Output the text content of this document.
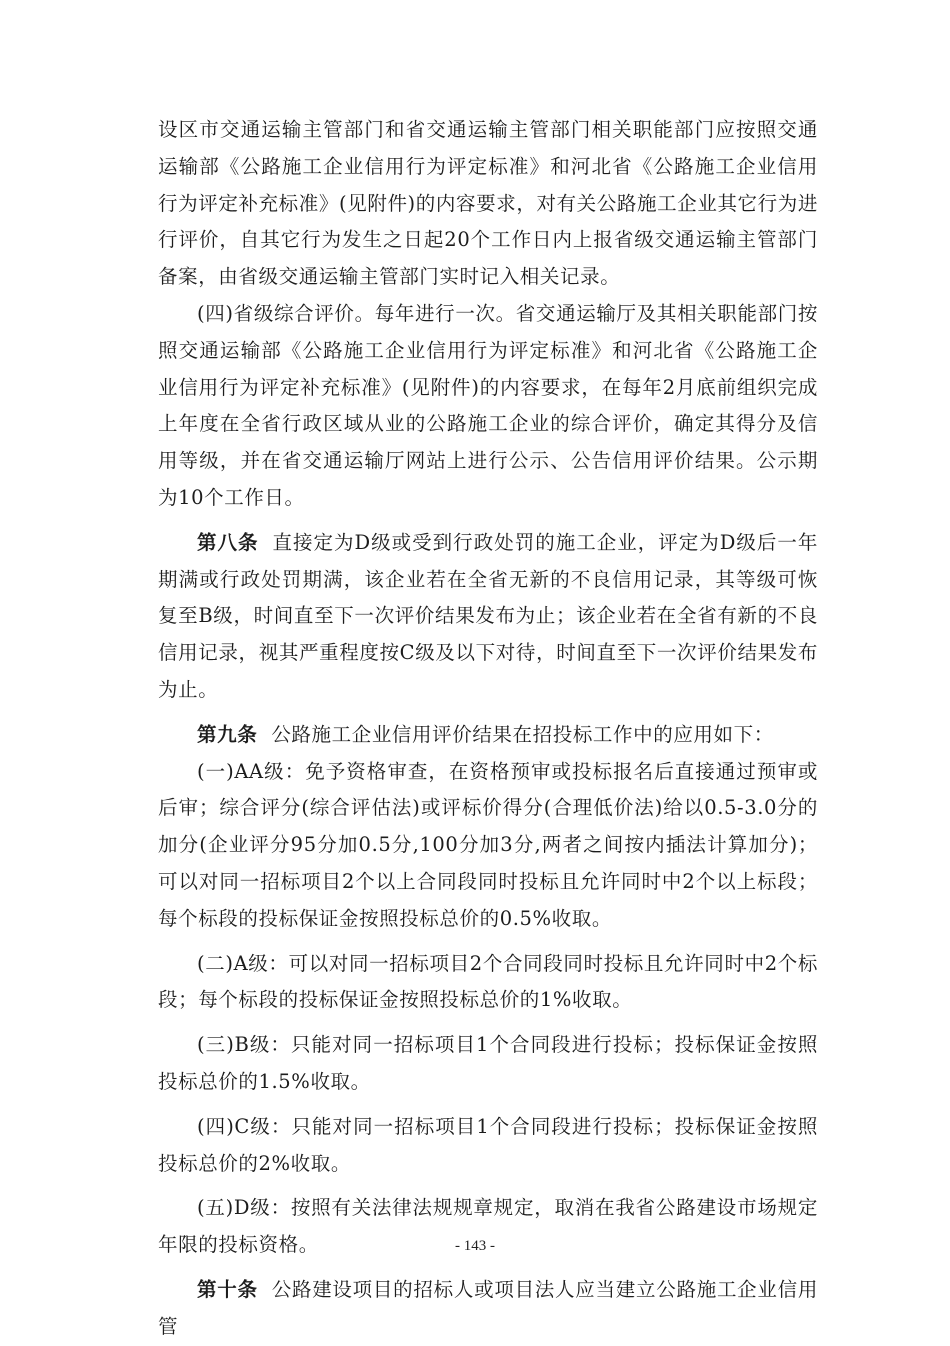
设区市交通运输主管部门和省交通运输主管部门相关职能部门应按照交通运输部《公路施工企业信用行为评定标准》和河北省《公路施工企业信用行为评定补充标准》(见附件)的内容要求，对有关公路施工企业其它行为进行评价，自其它行为发生之日起20个工作日内上报省级交通运输主管部门备案，由省级交通运输主管部门实时记入相关记录。

(四)省级综合评价。每年进行一次。省交通运输厅及其相关职能部门按照交通运输部《公路施工企业信用行为评定标准》和河北省《公路施工企业信用行为评定补充标准》(见附件)的内容要求，在每年2月底前组织完成上年度在全省行政区域从业的公路施工企业的综合评价，确定其得分及信用等级，并在省交通运输厅网站上进行公示、公告信用评价结果。公示期为10个工作日。

第八条 直接定为D级或受到行政处罚的施工企业，评定为D级后一年期满或行政处罚期满，该企业若在全省无新的不良信用记录，其等级可恢复至B级，时间直至下一次评价结果发布为止；该企业若在全省有新的不良信用记录，视其严重程度按C级及以下对待，时间直至下一次评价结果发布为止。

第九条 公路施工企业信用评价结果在招投标工作中的应用如下：

(一)AA级：免予资格审查，在资格预审或投标报名后直接通过预审或后审；综合评分(综合评估法)或评标价得分(合理低价法)给以0.5-3.0分的加分(企业评分95分加0.5分,100分加3分,两者之间按内插法计算加分)；可以对同一招标项目2个以上合同段同时投标且允许同时中2个以上标段；每个标段的投标保证金按照投标总价的0.5%收取。

(二)A级：可以对同一招标项目2个合同段同时投标且允许同时中2个标段；每个标段的投标保证金按照投标总价的1%收取。

(三)B级：只能对同一招标项目1个合同段进行投标；投标保证金按照投标总价的1.5%收取。

(四)C级：只能对同一招标项目1个合同段进行投标；投标保证金按照投标总价的2%收取。

(五)D级：按照有关法律法规规章规定，取消在我省公路建设市场规定年限的投标资格。

第十条 公路建设项目的招标人或项目法人应当建立公路施工企业信用管

- 143 -
